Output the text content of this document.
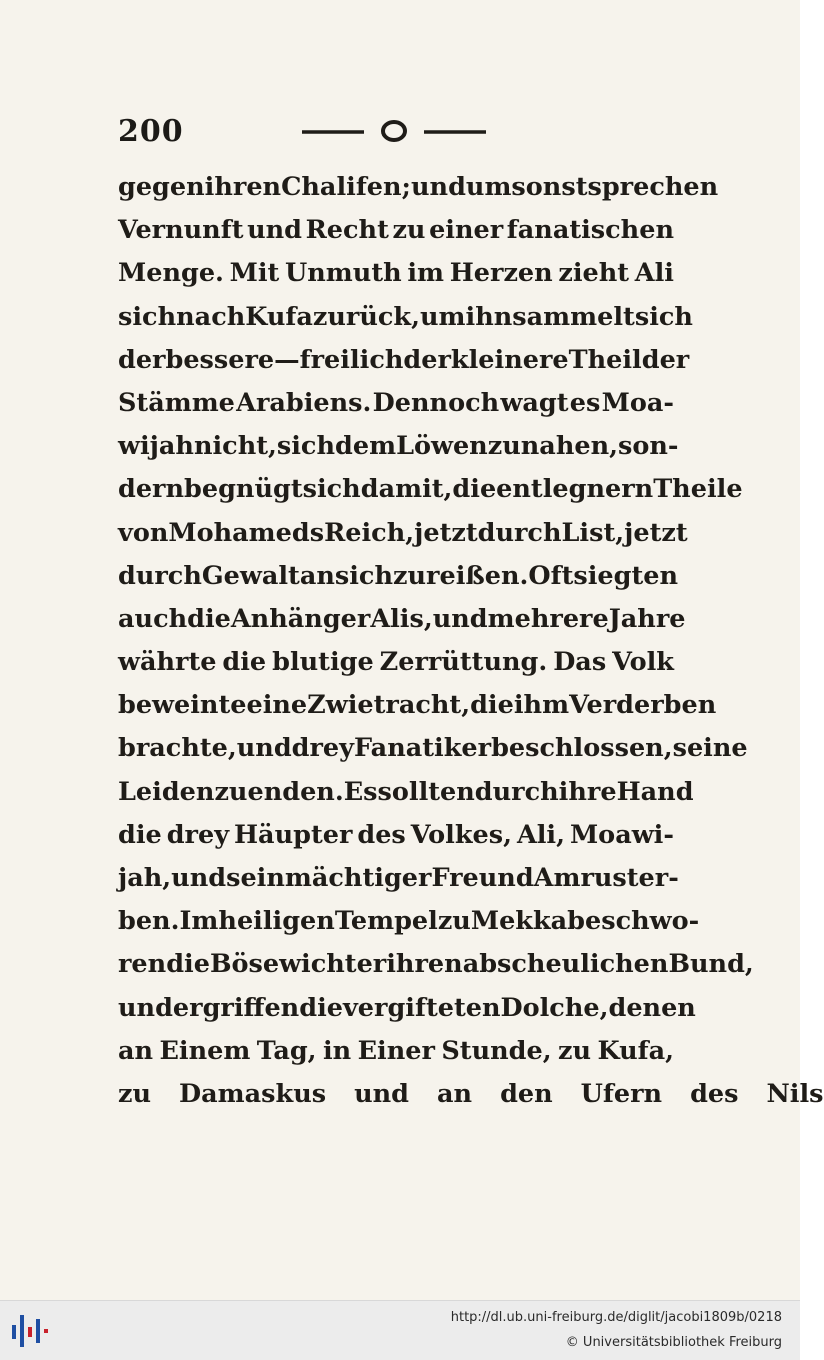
200
gegen ihren Chalifen; und umsonst sprechen
Vernunft und Recht zu einer fanatischen
Menge. Mit Unmuth im Herzen zieht Ali
sich nach Kufa zurück, um ihn sammelt sich
der bessere — freilich der kleinere Theil der
Stämme Arabiens. Dennoch wagt es Moa-
wijah nicht, sich dem Löwen zu nahen, son-
dern begnügt sich damit, die entlegnern Theile
von Mohameds Reich, jetzt durch List, jetzt
durch Gewalt an sich zu reißen. Oft siegten
auch die Anhänger Alis, und mehrere Jahre
währte die blutige Zerrüttung. Das Volk
beweinte eine Zwietracht, die ihm Verderben
brachte, und drey Fanatiker beschlossen, seine
Leiden zu enden. Es sollten durch ihre Hand
die drey Häupter des Volkes, Ali, Moawi-
jah, und sein mächtiger Freund Amru ster-
ben. Im heiligen Tempel zu Mekka beschwo-
ren die Bösewichter ihren abscheulichen Bund,
und ergriffen die vergifteten Dolche, denen
an Einem Tag, in Einer Stunde, zu Kufa,
zu Damaskus und an den Ufern des Nils
http://dl.ub.uni-freiburg.de/diglit/jacobi1809b/0218
© Universitätsbibliothek Freiburg
